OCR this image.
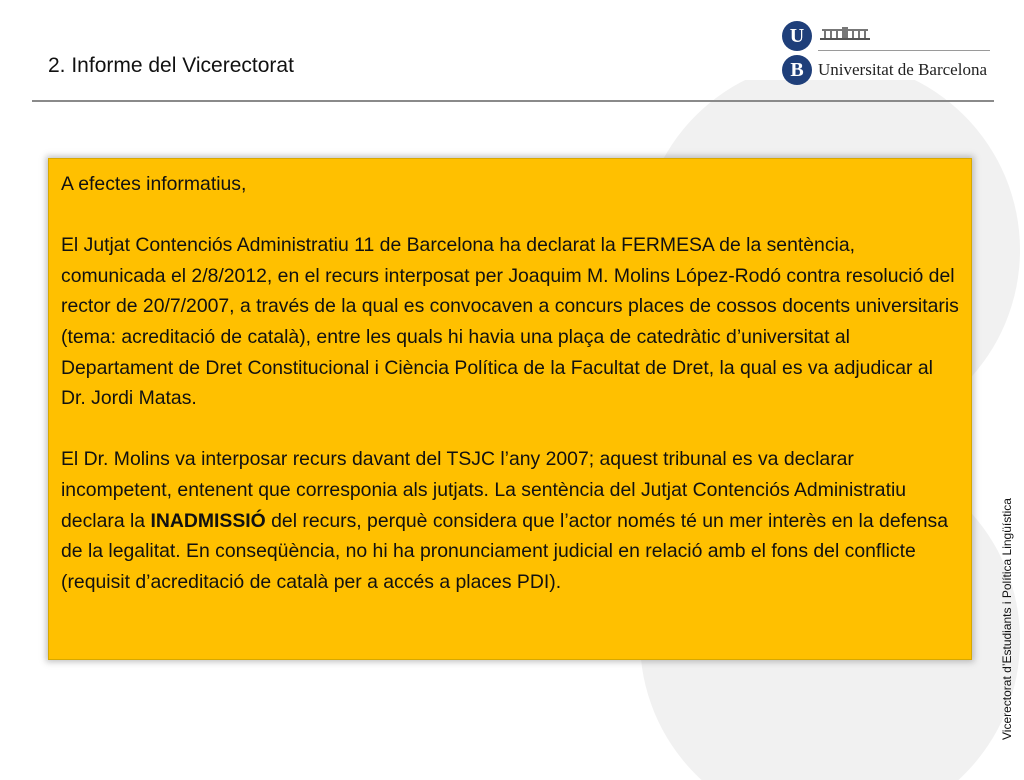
2. Informe del Vicerectorat
U
B Universitat de Barcelona

A efectes informatius,

El Jutjat Contenciós Administratiu 11 de Barcelona ha declarat la FERMESA de la sentència, comunicada el 2/8/2012, en el recurs interposat per Joaquim M. Molins López-Rodó contra resolució del rector de 20/7/2007, a través de la qual es convocaven a concurs places de cossos docents universitaris (tema: acreditació de català), entre les quals hi havia una plaça de catedràtic d’universitat al Departament de Dret Constitucional i Ciència Política de la Facultat de Dret, la qual es va adjudicar al Dr. Jordi Matas.

El Dr. Molins va interposar recurs davant del TSJC l’any 2007; aquest tribunal es va declarar incompetent, entenent que corresponia als jutjats. La sentència del Jutjat Contenciós Administratiu declara la INADMISSIÓ del recurs, perquè considera que l’actor només té un mer interès en la defensa de la legalitat. En conseqüència, no hi ha pronunciament judicial en relació amb el fons del conflicte (requisit d’acreditació de català per a accés a places PDI).	Vicerectorat d’Estudiants i Política Lingüística
